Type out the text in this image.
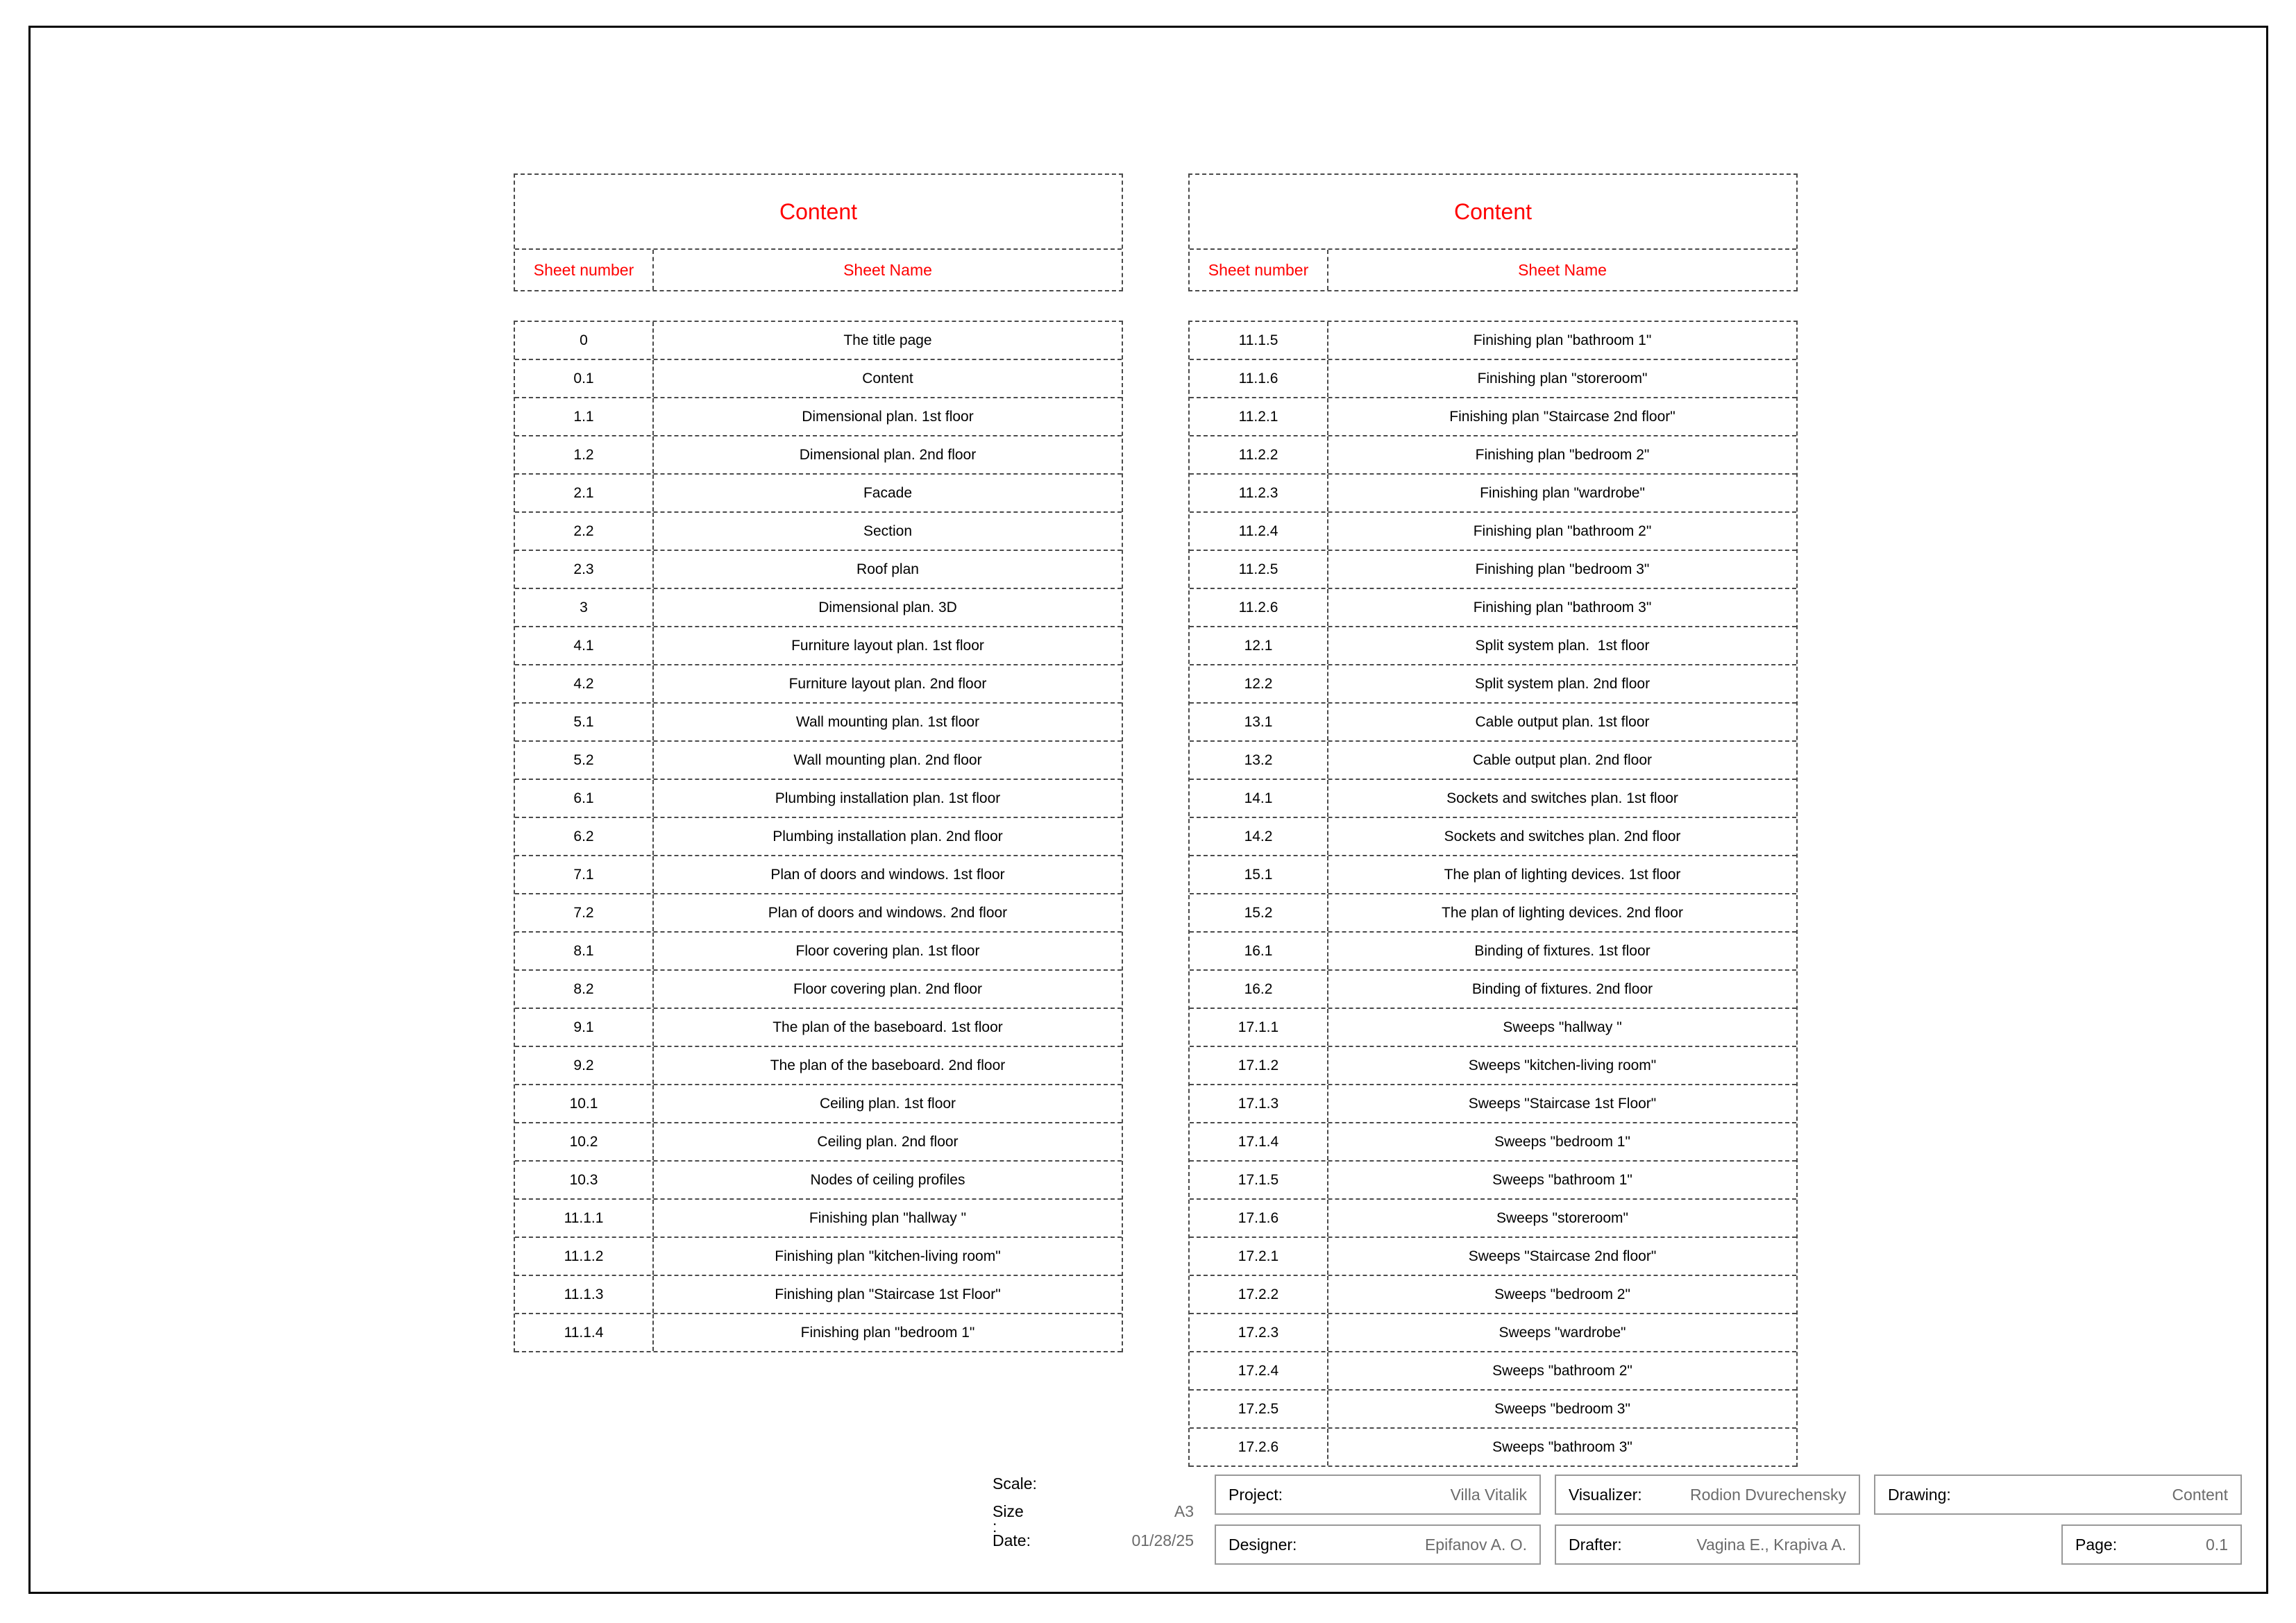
Content
Sheet number	Sheet Name
0	The title page
0.1	Content
1.1	Dimensional plan. 1st floor
1.2	Dimensional plan. 2nd floor
2.1	Facade
2.2	Section
2.3	Roof plan
3	Dimensional plan. 3D
4.1	Furniture layout plan. 1st floor
4.2	Furniture layout plan. 2nd floor
5.1	Wall mounting plan. 1st floor
5.2	Wall mounting plan. 2nd floor
6.1	Plumbing installation plan. 1st floor
6.2	Plumbing installation plan. 2nd floor
7.1	Plan of doors and windows. 1st floor
7.2	Plan of doors and windows. 2nd floor
8.1	Floor covering plan. 1st floor
8.2	Floor covering plan. 2nd floor
9.1	The plan of the baseboard. 1st floor
9.2	The plan of the baseboard. 2nd floor
10.1	Ceiling plan. 1st floor
10.2	Ceiling plan. 2nd floor
10.3	Nodes of ceiling profiles
11.1.1	Finishing plan "hallway "
11.1.2	Finishing plan "kitchen-living room"
11.1.3	Finishing plan "Staircase 1st Floor"
11.1.4	Finishing plan "bedroom 1"
Content
Sheet number	Sheet Name
11.1.5	Finishing plan "bathroom 1"
11.1.6	Finishing plan "storeroom"
11.2.1	Finishing plan "Staircase 2nd floor"
11.2.2	Finishing plan "bedroom 2"
11.2.3	Finishing plan "wardrobe"
11.2.4	Finishing plan "bathroom 2"
11.2.5	Finishing plan "bedroom 3"
11.2.6	Finishing plan "bathroom 3"
12.1	Split system plan.  1st floor
12.2	Split system plan. 2nd floor
13.1	Cable output plan. 1st floor
13.2	Cable output plan. 2nd floor
14.1	Sockets and switches plan. 1st floor
14.2	Sockets and switches plan. 2nd floor
15.1	The plan of lighting devices. 1st floor
15.2	The plan of lighting devices. 2nd floor
16.1	Binding of fixtures. 1st floor
16.2	Binding of fixtures. 2nd floor
17.1.1	Sweeps "hallway "
17.1.2	Sweeps "kitchen-living room"
17.1.3	Sweeps "Staircase 1st Floor"
17.1.4	Sweeps "bedroom 1"
17.1.5	Sweeps "bathroom 1"
17.1.6	Sweeps "storeroom"
17.2.1	Sweeps "Staircase 2nd floor"
17.2.2	Sweeps "bedroom 2"
17.2.3	Sweeps "wardrobe"
17.2.4	Sweeps "bathroom 2"
17.2.5	Sweeps "bedroom 3"
17.2.6	Sweeps "bathroom 3"
Scale:
Size	A3
:
Date:	01/28/25
Project:	Villa Vitalik
Designer:	Epifanov A. O.
Visualizer:	Rodion Dvurechensky
Drafter:	Vagina E., Krapiva A.
Drawing:	Content
Page:	0.1
